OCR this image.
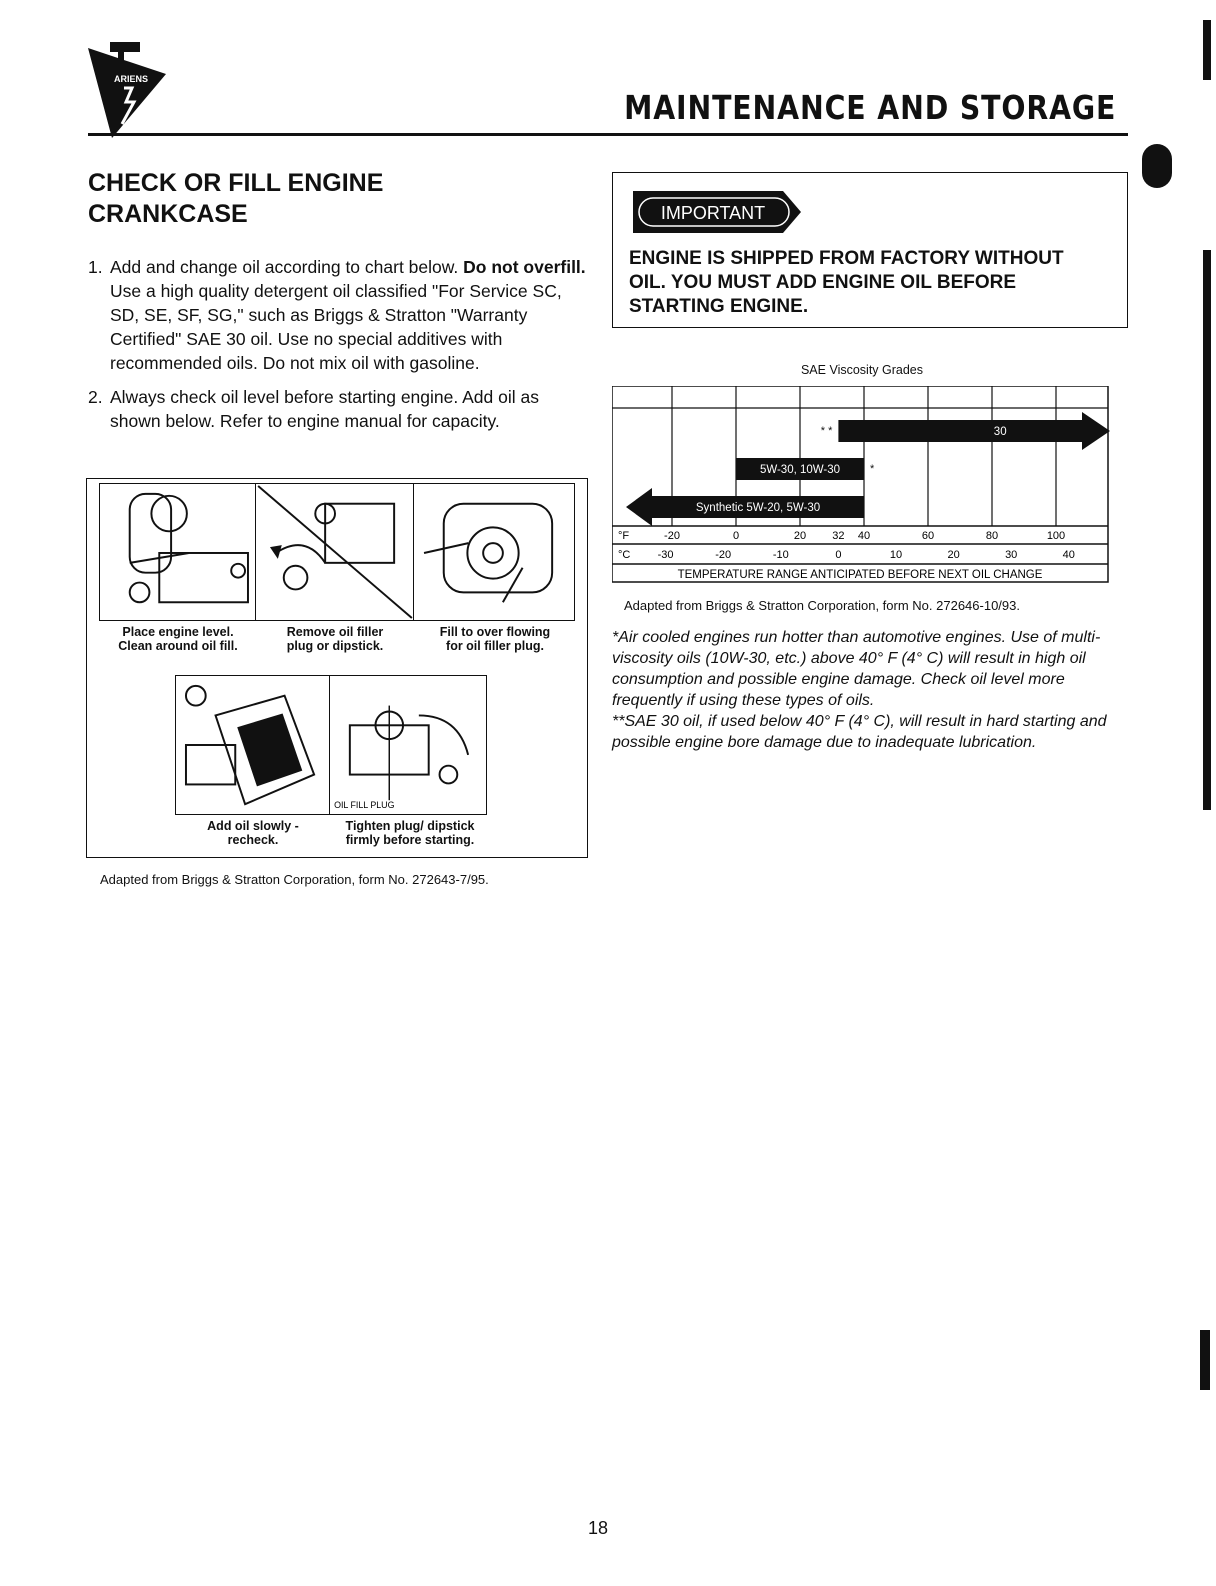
ARIENS
MAINTENANCE AND STORAGE
CHECK OR FILL ENGINE
CRANKCASE
1. Add and change oil according to chart below. Do not overfill. Use a high quality detergent oil classified "For Service SC, SD, SE, SF, SG," such as Briggs & Stratton "Warranty Certified" SAE 30 oil. Use no special additives with recommended oils. Do not mix oil with gasoline.
2. Always check oil level before starting engine. Add oil as shown below. Refer to engine manual for capacity.
Place engine level.
Clean around oil fill.
Remove oil filler
plug or dipstick.
Fill to over flowing
for oil filler plug.
OIL FILL PLUG
Add oil slowly -
recheck.
Tighten plug/ dipstick
firmly before starting.
Adapted from Briggs & Stratton Corporation, form No. 272643-7/95.
IMPORTANT
ENGINE IS SHIPPED FROM FACTORY WITHOUT
OIL. YOU MUST ADD ENGINE OIL BEFORE
STARTING ENGINE.
SAE Viscosity Grades
30
* *
5W-30, 10W-30	*
Synthetic 5W-20, 5W-30
°F
°C
-20	0	20 32 40	60	80	100
-30	-20	-10	0	10	20	30	40
TEMPERATURE RANGE ANTICIPATED BEFORE NEXT OIL CHANGE
Adapted from Briggs & Stratton Corporation, form No. 272646-10/93.
*Air cooled engines run hotter than automotive engines. Use of multi-viscosity oils (10W-30, etc.) above 40° F (4° C) will result in high oil consumption and possible engine damage. Check oil level more frequently if using these types of oils.
**SAE 30 oil, if used below 40° F (4° C), will result in hard starting and possible engine bore damage due to inadequate lubrication.
18
